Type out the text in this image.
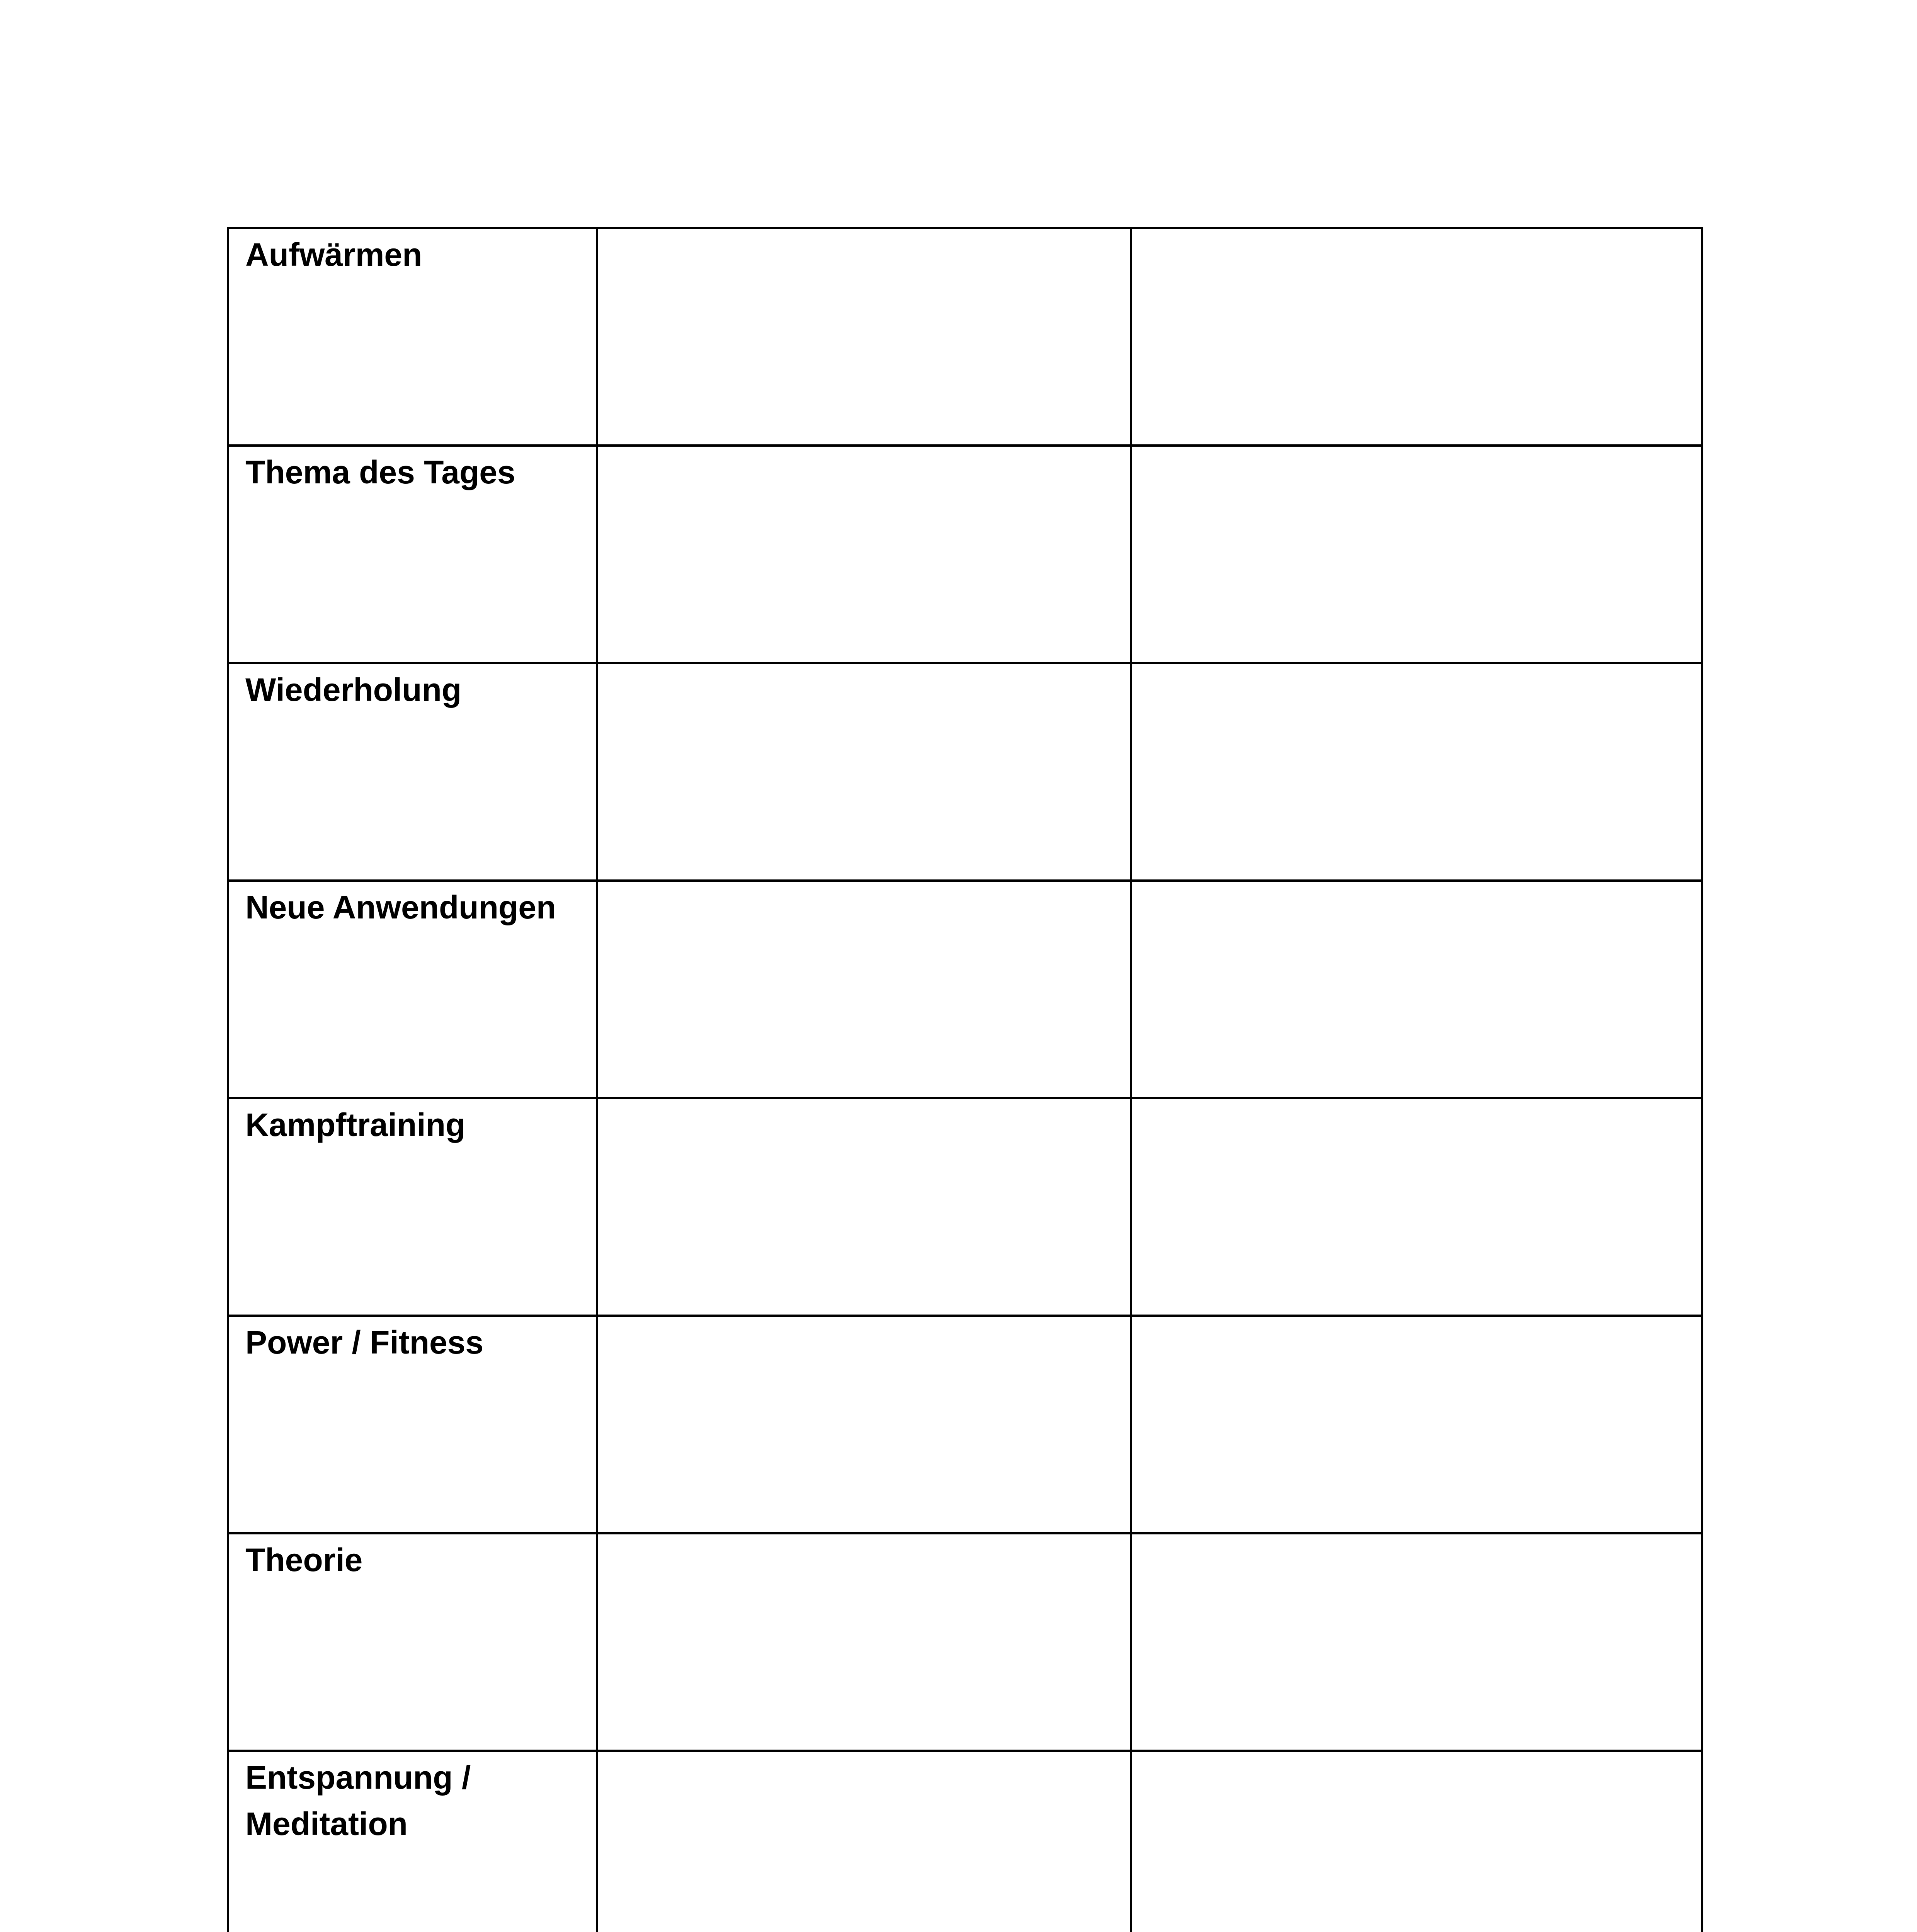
Aufwärmen		

Thema des Tages		

Wiederholung		

Neue Anwendungen		

Kampftraining		

Power / Fitness		

Theorie		

Entspannung / Meditation		
